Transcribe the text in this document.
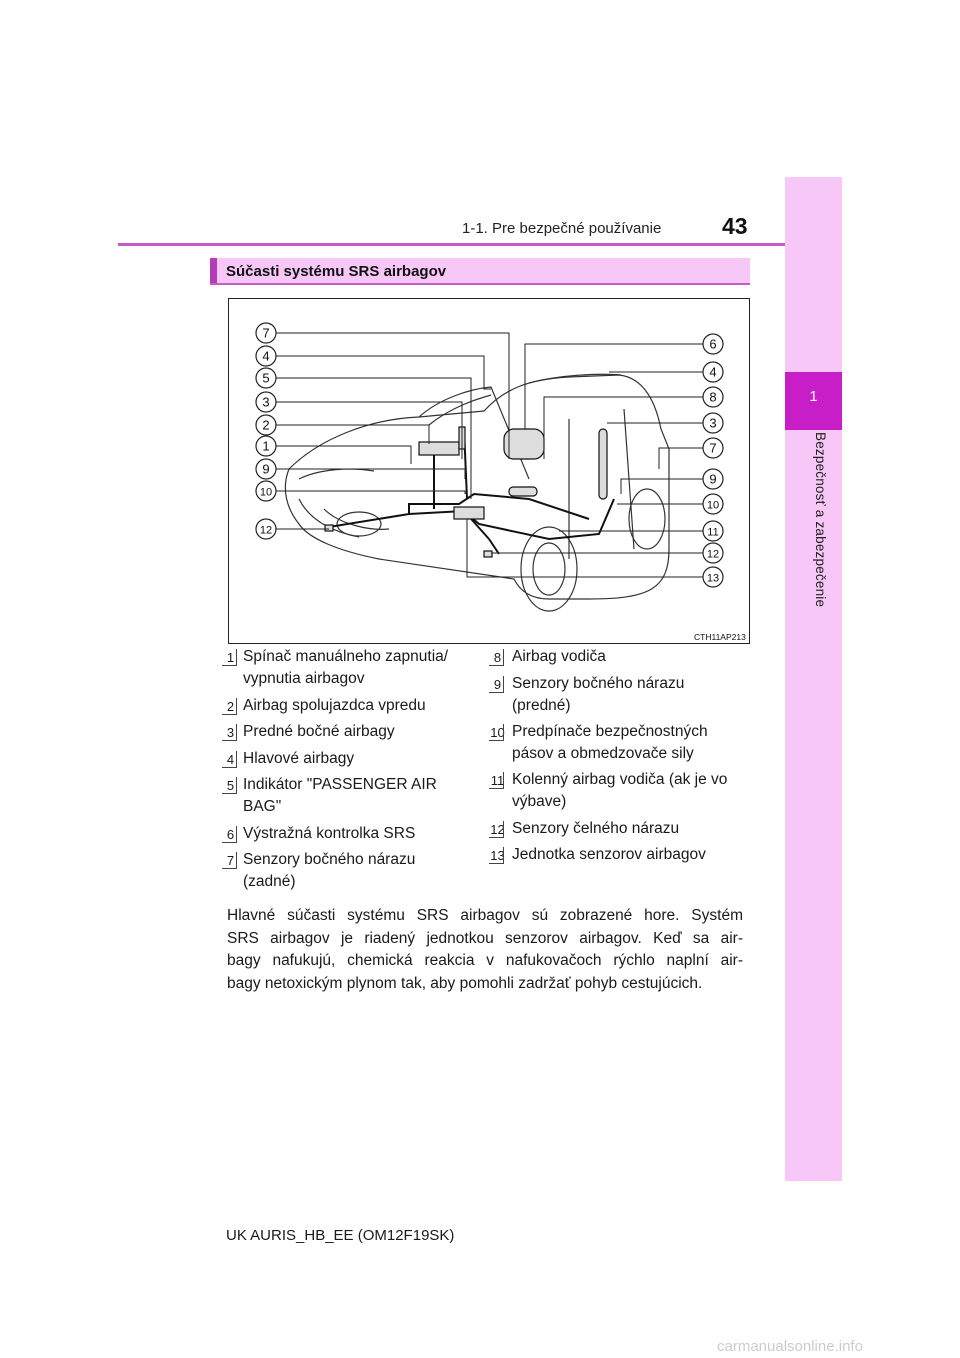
1
Bezpečnosť a zabezpečenie
1-1. Pre bezpečné používanie	43
Súčasti systému SRS airbagov
7
4
5
3
2
1
9
10
12
6
4
8
3
7
9
10
11
12
13
CTH11AP213
1 Spínač manuálneho zapnutia/
vypnutia airbagov
2 Airbag spolujazdca vpredu
3 Predné bočné airbagy
4 Hlavové airbagy
5 Indikátor "PASSENGER AIR
BAG"
6 Výstražná kontrolka SRS
7 Senzory bočného nárazu
(zadné)
8 Airbag vodiča
9 Senzory bočného nárazu
(predné)
10 Predpínače bezpečnostných
pásov a obmedzovače sily
11 Kolenný airbag vodiča (ak je vo
výbave)
12 Senzory čelného nárazu
13 Jednotka senzorov airbagov
Hlavné súčasti systému SRS airbagov sú zobrazené hore. Systém
SRS airbagov je riadený jednotkou senzorov airbagov. Keď sa air-
bagy nafukujú, chemická reakcia v nafukovačoch rýchlo naplní air-
bagy netoxickým plynom tak, aby pomohli zadržať pohyb cestujúcich.
UK AURIS_HB_EE (OM12F19SK)
carmanualsonline.info
